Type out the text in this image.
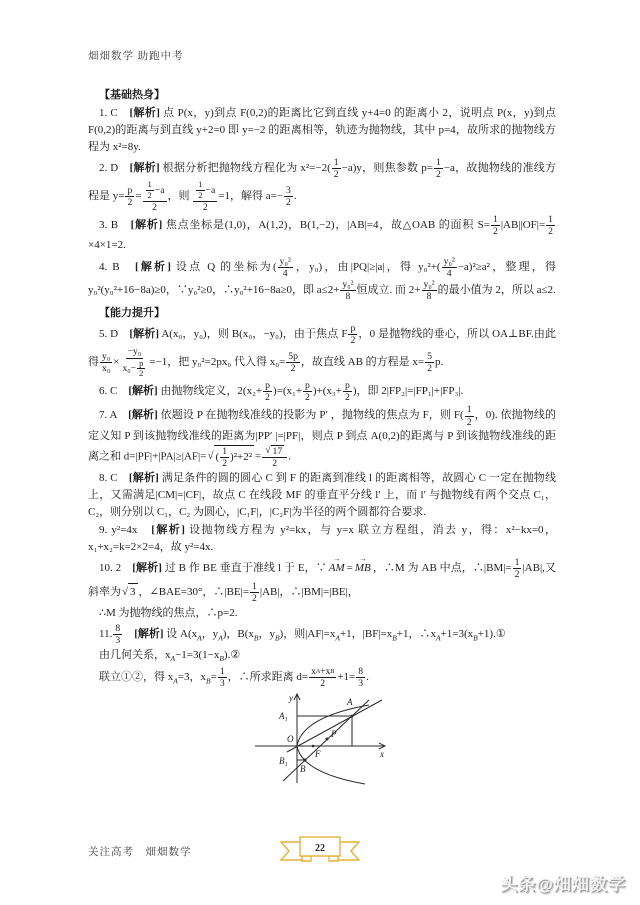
畑畑数学 助跑中考

【基础热身】

1. C　[解析] 点 P(x，y)到点 F(0,2)的距离比它到直线 y+4=0 的距离小 2，说明点 P(x，y)到点 F(0,2)的距离与到直线 y+2=0 即 y=−2 的距离相等，轨迹为抛物线，其中 p=4，故所求的抛物线方程为 x²=8y.

2. D　[解析] 根据分析把抛物线方程化为 $x^2=-2( \frac{1}{2} -a)y$，则焦参数 $p= \frac{1}{2} -a$，故抛物线的准线方程是 $y= \frac{p}{2} = \frac{\frac{1}{2} -a}{2}$ ，则 $\frac{\frac{1}{2} -a}{2} =1$，解得 $a=- \frac{3}{2}$ .

3. B　[解析] 焦点坐标是(1,0)，A(1,2)，B(1,−2)，|AB|=4，故△OAB 的面积 $S= \frac{1}{2} |AB||OF|= \frac{1}{2}$
×4×1=2.

4. B　[解析] 设点 Q 的坐标为( $\frac{\text{y₀²}}{4}$ ，y₀)，由|PQ|≥|a|，得 $y_0^2+( \frac{\text{y₀²}}{4} -a)^2\ge a^2$，整理，得 y₀²(y₀²+16−8a)≥0，∵y₀²≥0，∴y₀²+16−8a≥0，即 $a\le 2+ \frac{\text{y₀²}}{8}$ 恒成立. 而 $2+ \frac{\text{y₀²}}{8}$ 的最小值为 2，所以 a≤2.

【能力提升】

5. D　[解析] A(x₀，y₀)，则 B(x₀，−y₀)，由于焦点 F $\frac{p}{2}$ ，0 是抛物线的垂心，所以 OA⊥BF.由此得 $\frac{\text{y₀}}{\text{x₀}} \times \frac{\text{−y₀}}{x_0- \frac{p}{2}} =-1$，把 y₀²=2px₀ 代入得 $x_0= \frac{5p}{2}$ ，故直线 AB 的方程是 $x= \frac{5}{2} p$.

6. C　[解析] 由抛物线定义，$2(x_2+ \frac{p}{2} )=(x_1+ \frac{p}{2} )+(x_3+ \frac{p}{2}$ )，即 2|FP₂|=|FP₁|+|FP₃|.

7. A　[解析] 依题设 P 在抛物线准线的投影为 P′ ，抛物线的焦点为 F，则 $F( \frac{1}{2}$ ，0). 依抛物线的定义知 P 到该抛物线准线的距离为|PP′ |=|PF|，则点 P 到点 A(0,2)的距离与 P 到该抛物线准线的距离之和 d=|PF|+|PA|≥|AF|= √ ( $\frac{1}{2} )^2+2^2 = \frac{√ 17}{2}$ .

8. C　[解析] 满足条件的圆的圆心 C 到 F 的距离到准线 l 的距离相等，故圆心 C 一定在抛物线上，又需满足|CM|=|CF|，故点 C 在线段 MF 的垂直平分线 l′ 上，而 l′ 与抛物线有两个交点 C₁，C₂，则分别以 C₁，C₂ 为圆心，|C₁F|，|C₂F|为半径的两个圆都符合要求.

9. y²=4x　[解析] 设抛物线方程为 y²=kx，与 y=x 联立方程组，消去 y，得：x²−kx=0，x₁+x₂=k=2×2=4，故 y²=4x.

10. 2　[解析] 过 B 作 BE 垂直于准线 l 于 E，∵ → AM = → MB ，∴M 为 AB 中点，∴|BM|= $\frac{1}{2} |AB|$,又斜率为 √ 3 ，∠BAE=30°，∴|BE|= $\frac{1}{2} |AB|$，∴|BM|=|BE|，

∴M 为抛物线的焦点，∴p=2.

11. $\frac{8}{3}$
　 [解析] 设 $A(x_A$，$y_A$)，$B(x_B$，$y_B$)，则$|AF|=x_A+1$，$|BF|=x_B+1$，$\therefore x_A+1=3(x_B+1).①$

由几何关系，$x_A-1=3(1-x_B).②$

联立①②，得 $x_A=3$，$x_B= \frac{1}{3}$ ，∴所求距离 $d= \frac{\text{x A +x B}}{2} +1= \frac{8}{3}$ .

y
x
A₁
A
O	P
B₁
B
F
关注高考　畑畑数学	22
头条@畑畑数学
